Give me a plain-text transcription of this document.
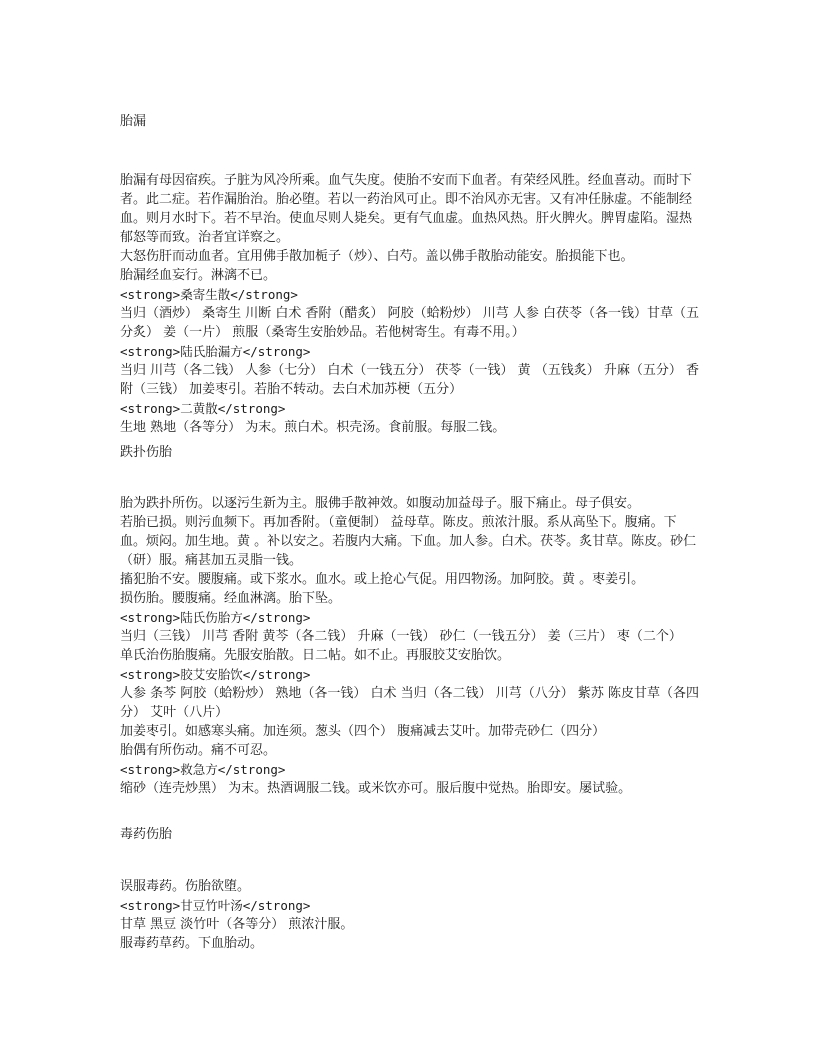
胎漏
胎漏有母因宿疾。子脏为风冷所乘。血气失度。使胎不安而下血者。有荣经风胜。经血喜动。而时下者。此二症。若作漏胎治。胎必堕。若以一药治风可止。即不治风亦无害。又有冲任脉虚。不能制经血。则月水时下。若不早治。使血尽则人毙矣。更有气血虚。血热风热。肝火脾火。脾胃虚陷。湿热郁怒等而致。治者宜详察之。
大怒伤肝而动血者。宜用佛手散加栀子（炒）、白芍。盖以佛手散胎动能安。胎损能下也。
胎漏经血妄行。淋漓不已。
<strong>桑寄生散</strong>
当归（酒炒） 桑寄生 川断 白术 香附（醋炙） 阿胶（蛤粉炒） 川芎 人参 白茯苓（各一钱）甘草（五分炙） 姜（一片） 煎服（桑寄生安胎妙品。若他树寄生。有毒不用。）
<strong>陆氏胎漏方</strong>
当归 川芎（各二钱） 人参（七分） 白术（一钱五分） 茯苓（一钱） 黄 （五钱炙） 升麻（五分） 香附（三钱） 加姜枣引。若胎不转动。去白术加苏梗（五分）
<strong>二黄散</strong>
生地 熟地（各等分） 为末。煎白术。枳壳汤。食前服。每服二钱。
跌扑伤胎
胎为跌扑所伤。以逐污生新为主。服佛手散神效。如腹动加益母子。服下痛止。母子俱安。
若胎已损。则污血频下。再加香附。（童便制） 益母草。陈皮。煎浓汁服。系从高坠下。腹痛。下血。烦闷。加生地。黄 。补以安之。若腹内大痛。下血。加人参。白术。茯苓。炙甘草。陈皮。砂仁（研）服。痛甚加五灵脂一钱。
搐犯胎不安。腰腹痛。或下浆水。血水。或上抢心气促。用四物汤。加阿胶。黄 。枣姜引。
损伤胎。腰腹痛。经血淋漓。胎下坠。
<strong>陆氏伤胎方</strong>
当归（三钱） 川芎 香附 黄芩（各二钱） 升麻（一钱） 砂仁（一钱五分） 姜（三片） 枣（二个）
单氏治伤胎腹痛。先服安胎散。日二帖。如不止。再服胶艾安胎饮。
<strong>胶艾安胎饮</strong>
人参 条芩 阿胶（蛤粉炒） 熟地（各一钱） 白术 当归（各二钱） 川芎（八分） 紫苏 陈皮甘草（各四分） 艾叶（八片）
加姜枣引。如感寒头痛。加连须。葱头（四个） 腹痛减去艾叶。加带壳砂仁（四分）
胎偶有所伤动。痛不可忍。
<strong>救急方</strong>
缩砂（连壳炒黑） 为末。热酒调服二钱。或米饮亦可。服后腹中觉热。胎即安。屡试验。
毒药伤胎
误服毒药。伤胎欲堕。
<strong>甘豆竹叶汤</strong>
甘草 黑豆 淡竹叶（各等分） 煎浓汁服。
服毒药草药。下血胎动。
